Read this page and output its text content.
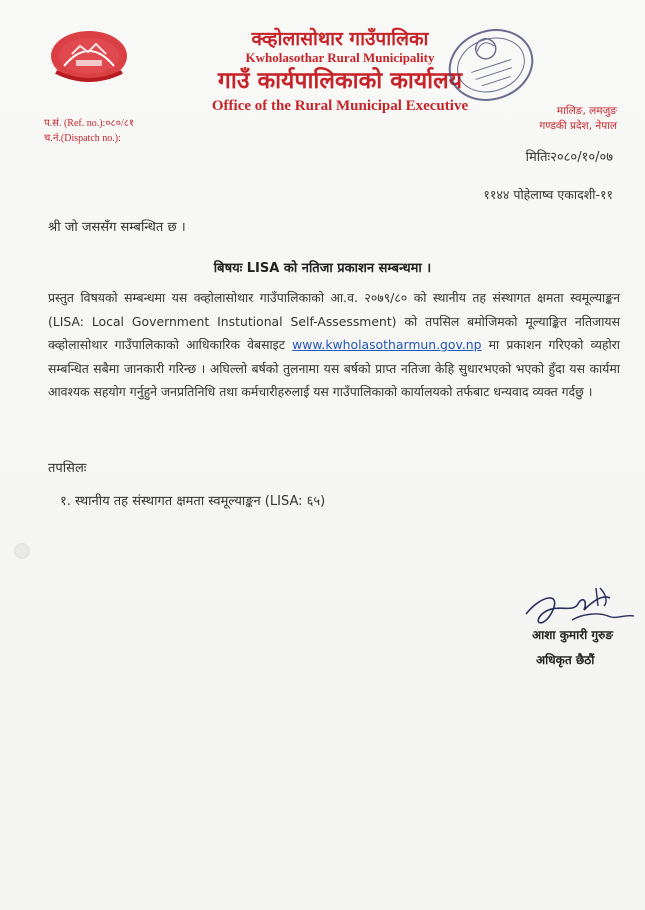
क्व्होलासोथार गाउँपालिका
Kwholasothar Rural Municipality
गाउँ कार्यपालिकाको कार्यालय
Office of the Rural Municipal Executive
प.सं. (Ref. no.):०८०/८१
च.नं.(Dispatch no.):
मालिङ, लमजुङ
गण्डकी प्रदेश, नेपाल
मितिः२०८०/१०/०७
११४४ पोहेलाष्व एकादशी-११
श्री जो जससँग सम्बन्धित छ ।
बिषयः LISA को नतिजा प्रकाशन सम्बन्धमा ।
प्रस्तुत विषयको सम्बन्धमा यस क्व्होलासोथार गाउँपालिकाको आ.व. २०७९/८० को स्थानीय तह संस्थागत क्षमता स्वमूल्याङ्कन (LISA: Local Government Instutional Self-Assessment) को तपसिल बमोजिमको मूल्याङ्कित नतिजायस क्व्होलासोथार गाउँपालिकाको आधिकारिक वेबसाइट www.kwholasotharmun.gov.np मा प्रकाशन गरिएको व्यहोरा सम्बन्धित सबैमा जानकारी गरिन्छ । अघिल्लो बर्षको तुलनामा यस बर्षको प्राप्त नतिजा केहि सुधारभएको भएको हुँदा यस कार्यमा आवश्यक सहयोग गर्नुहुने जनप्रतिनिधि तथा कर्मचारीहरुलाई यस गाउँपालिकाको कार्यालयको तर्फबाट धन्यवाद व्यक्त गर्दछु ।
तपसिलः
१. स्थानीय तह संस्थागत क्षमता स्वमूल्याङ्कन (LISA: ६५)
आशा कुमारी गुरुङ
अधिकृत छैठौं
